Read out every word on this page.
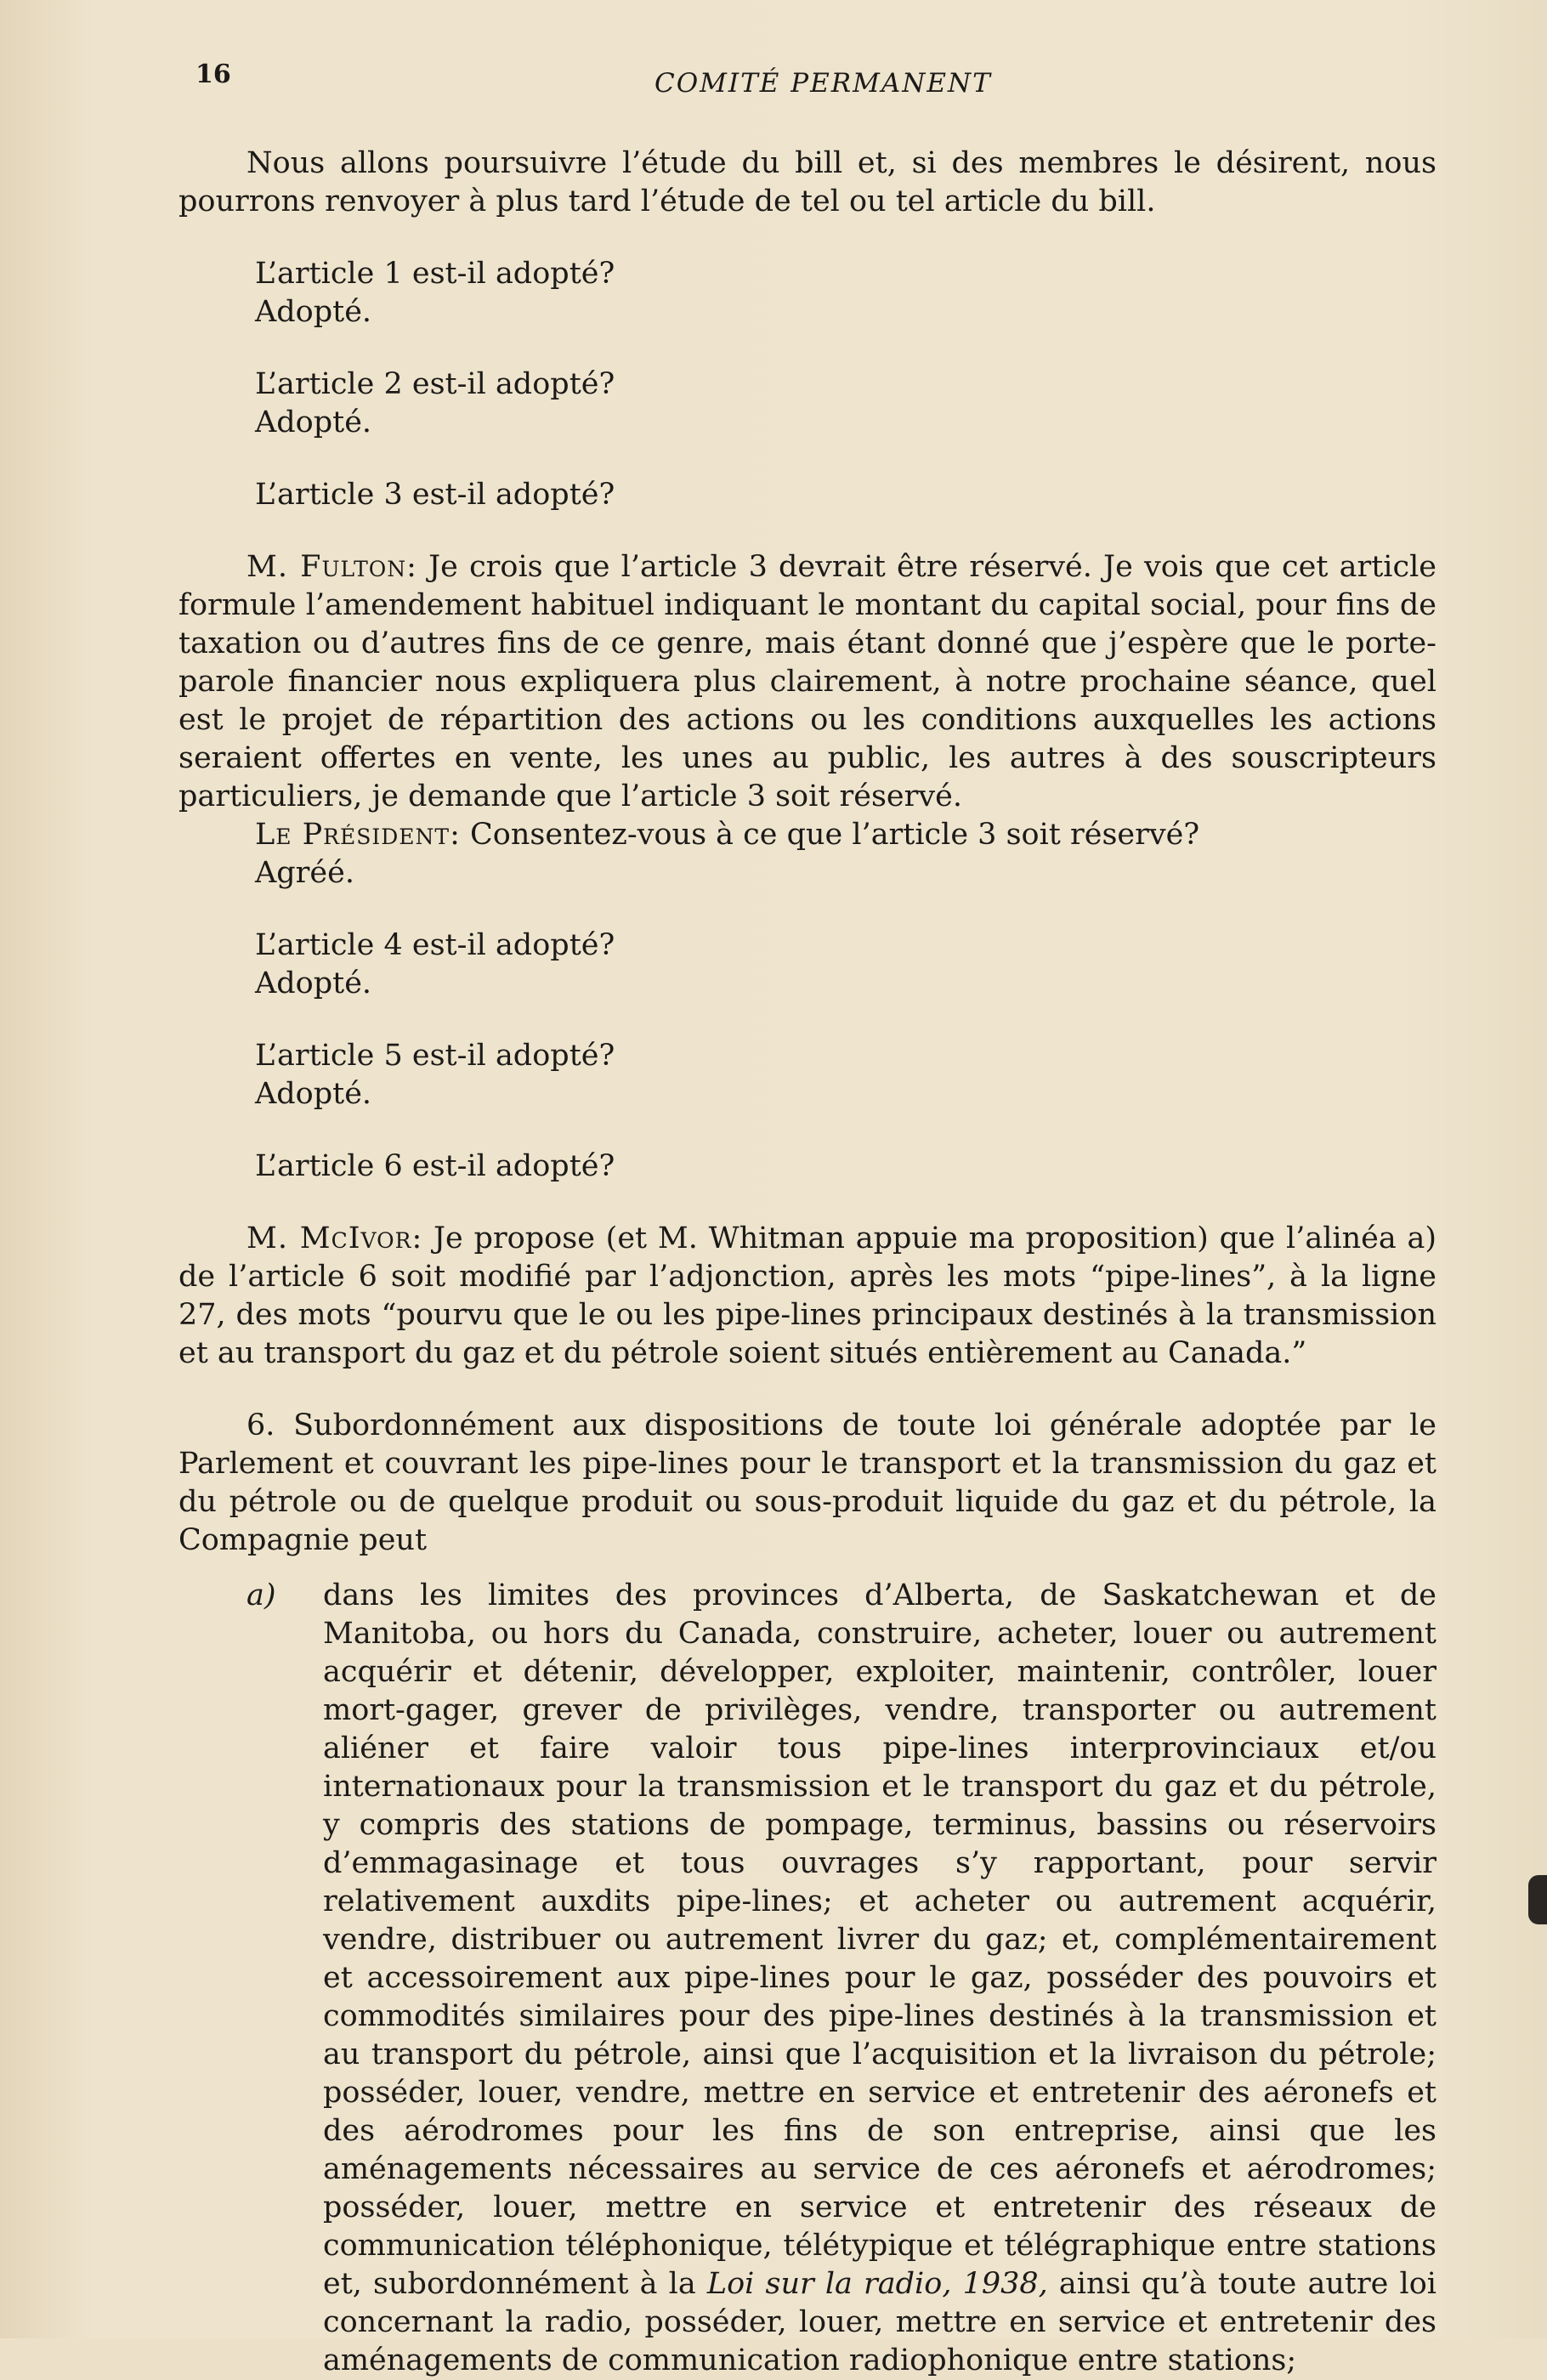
16	COMITÉ PERMANENT

Nous allons poursuivre l’étude du bill et, si des membres le désirent, nous pourrons renvoyer à plus tard l’étude de tel ou tel article du bill.

L’article 1 est-il adopté?

Adopté.

L’article 2 est-il adopté?

Adopté.

L’article 3 est-il adopté?

M. Fulton: Je crois que l’article 3 devrait être réservé. Je vois que cet article formule l’amendement habituel indiquant le montant du capital social, pour fins de taxation ou d’autres fins de ce genre, mais étant donné que j’espère que le porte-parole financier nous expliquera plus clairement, à notre prochaine séance, quel est le projet de répartition des actions ou les conditions auxquelles les actions seraient offertes en vente, les unes au public, les autres à des souscripteurs particuliers, je demande que l’article 3 soit réservé.

Le Président: Consentez-vous à ce que l’article 3 soit réservé?

Agréé.

L’article 4 est-il adopté?

Adopté.

L’article 5 est-il adopté?

Adopté.

L’article 6 est-il adopté?

M. McIvor: Je propose (et M. Whitman appuie ma proposition) que l’alinéa a) de l’article 6 soit modifié par l’adjonction, après les mots “pipe-lines”, à la ligne 27, des mots “pourvu que le ou les pipe-lines principaux destinés à la transmission et au transport du gaz et du pétrole soient situés entièrement au Canada.”

6. Subordonnément aux dispositions de toute loi générale adoptée par le Parlement et couvrant les pipe-lines pour le transport et la transmission du gaz et du pétrole ou de quelque produit ou sous-produit liquide du gaz et du pétrole, la Compagnie peut

a)	dans les limites des provinces d’Alberta, de Saskatchewan et de Manitoba, ou hors du Canada, construire, acheter, louer ou autrement acquérir et détenir, développer, exploiter, maintenir, contrôler, louer mort-gager, grever de privilèges, vendre, transporter ou autrement aliéner et faire valoir tous pipe-lines interprovinciaux et/ou internationaux pour la transmission et le transport du gaz et du pétrole, y compris des stations de pompage, terminus, bassins ou réservoirs d’emmagasinage et tous ouvrages s’y rapportant, pour servir relativement auxdits pipe-lines; et acheter ou autrement acquérir, vendre, distribuer ou autrement livrer du gaz; et, complémentairement et accessoirement aux pipe-lines pour le gaz, posséder des pouvoirs et commodités similaires pour des pipe-lines destinés à la transmission et au transport du pétrole, ainsi que l’acquisition et la livraison du pétrole; posséder, louer, vendre, mettre en service et entretenir des aéronefs et des aérodromes pour les fins de son entreprise, ainsi que les aménagements nécessaires au service de ces aéronefs et aérodromes; posséder, louer, mettre en service et entretenir des réseaux de communication téléphonique, télétypique et télégraphique entre stations et, subordonnément à la Loi sur la radio, 1938, ainsi qu’à toute autre loi concernant la radio, posséder, louer, mettre en service et entretenir des aménagements de communication radiophonique entre stations;
